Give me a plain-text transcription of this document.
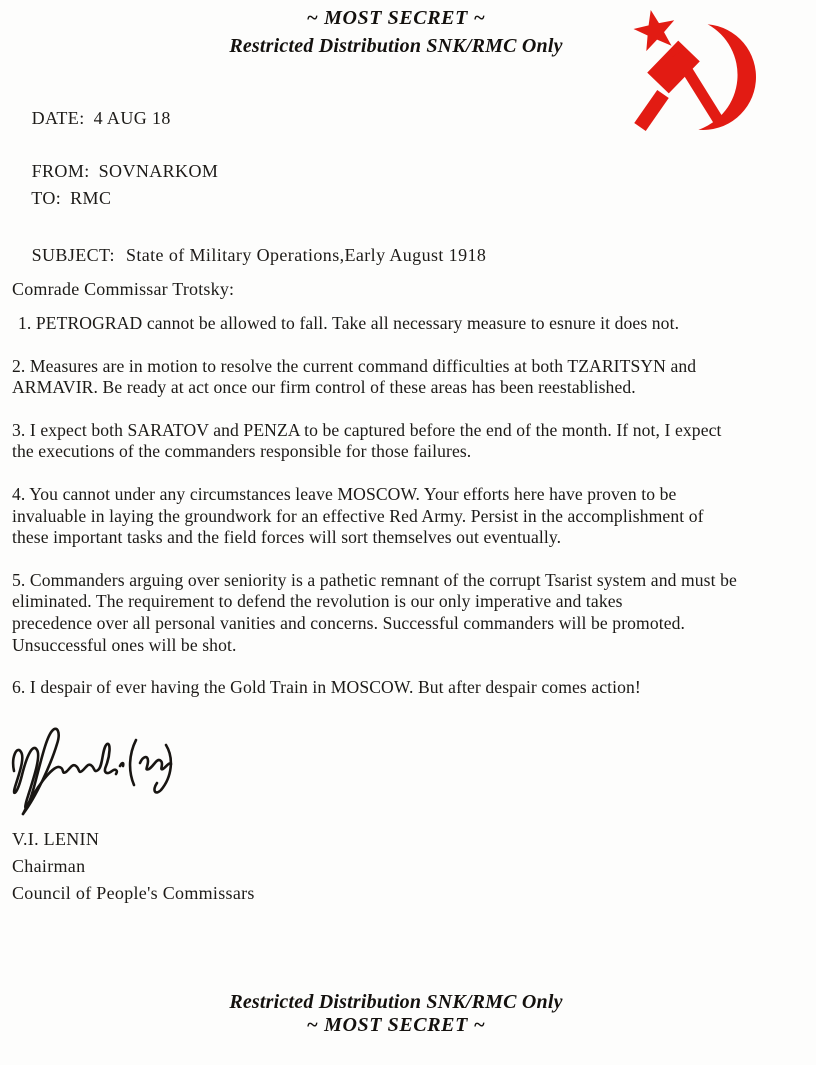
~ MOST SECRET ~
Restricted Distribution SNK/RMC Only

DATE: 4 AUG 18

FROM: SOVNARKOM

TO: RMC

SUBJECT: State of Military Operations,Early August 1918

Comrade Commissar Trotsky:
1. PETROGRAD cannot be allowed to fall. Take all necessary measure to esnure it does not.
2. Measures are in motion to resolve the current command difficulties at both TZARITSYN and
ARMAVIR. Be ready at act once our firm control of these areas has been reestablished.
3. I expect both SARATOV and PENZA to be captured before the end of the month. If not, I expect
the executions of the commanders responsible for those failures.
4. You cannot under any circumstances leave MOSCOW. Your efforts here have proven to be
invaluable in laying the groundwork for an effective Red Army. Persist in the accomplishment of
these important tasks and the field forces will sort themselves out eventually.
5. Commanders arguing over seniority is a pathetic remnant of the corrupt Tsarist system and must be
eliminated. The requirement to defend the revolution is our only imperative and takes
precedence over all personal vanities and concerns. Successful commanders will be promoted.
Unsuccessful ones will be shot.
6. I despair of ever having the Gold Train in MOSCOW. But after despair comes action!
V.I. LENIN
Chairman
Council of People's Commissars
Restricted Distribution SNK/RMC Only
~ MOST SECRET ~
